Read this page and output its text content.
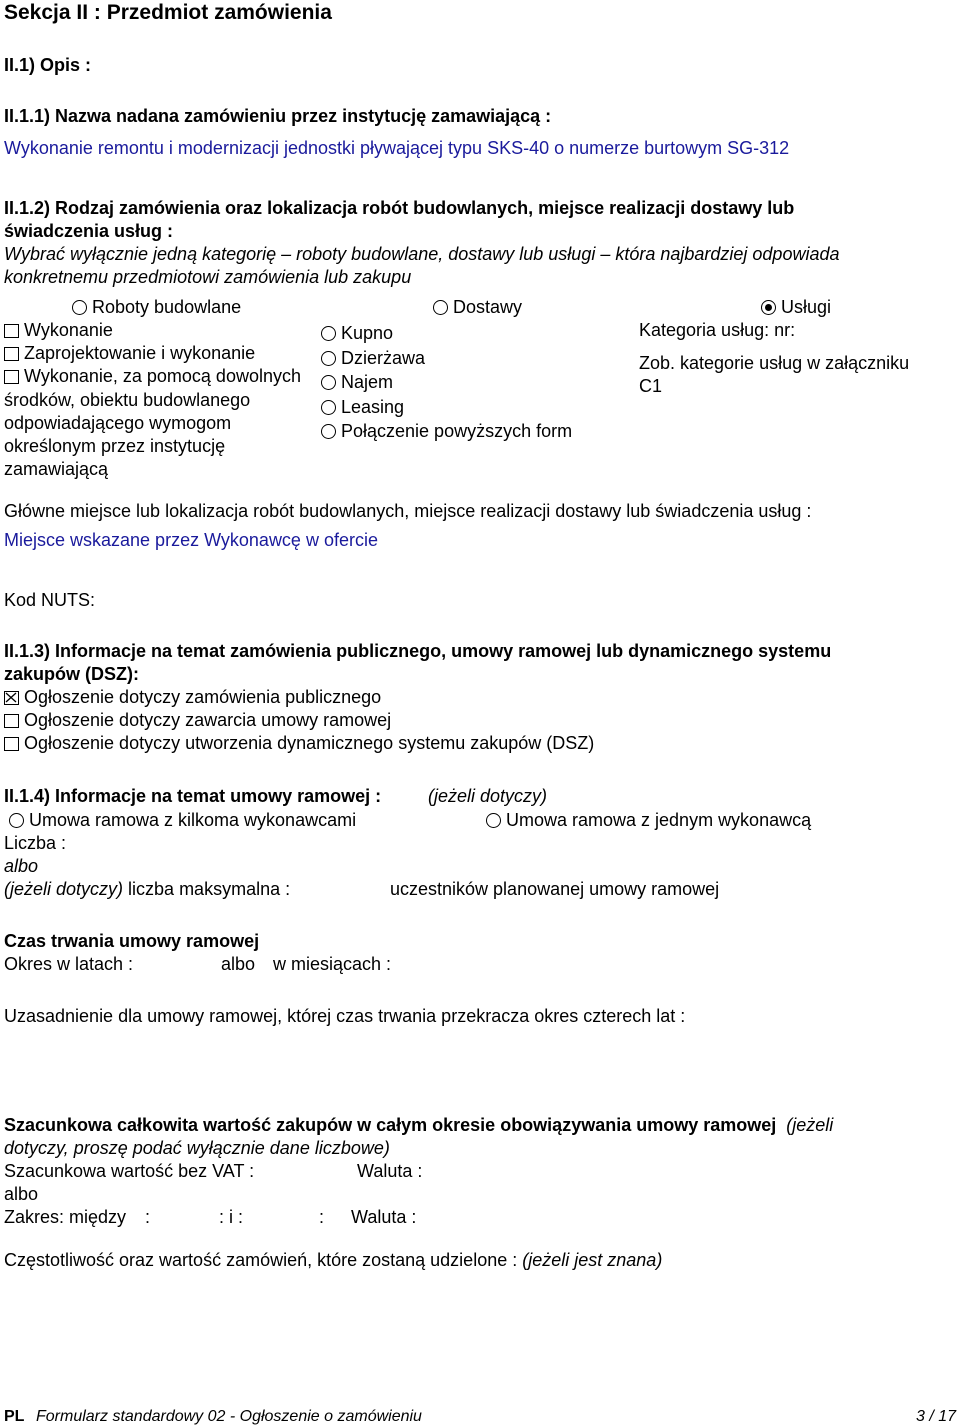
Sekcja II : Przedmiot zamówienia
II.1) Opis :
II.1.1) Nazwa nadana zamówieniu przez instytucję zamawiającą :
Wykonanie remontu i modernizacji jednostki pływającej typu SKS-40 o numerze burtowym SG-312
II.1.2) Rodzaj zamówienia oraz lokalizacja robót budowlanych, miejsce realizacji dostawy lub
świadczenia usług :
Wybrać wyłącznie jedną kategorię – roboty budowlane, dostawy lub usługi – która najbardziej odpowiada
konkretnemu przedmiotowi zamówienia lub zakupu
Roboty budowlane	Dostawy	Usługi
Wykonanie
Zaprojektowanie i wykonanie
Wykonanie, za pomocą dowolnych
środków, obiektu budowlanego
odpowiadającego wymogom
określonym przez instytucję
zamawiającą
Kupno
Dzierżawa
Najem
Leasing
Połączenie powyższych form
Kategoria usług: nr:
Zob. kategorie usług w załączniku
C1
Główne miejsce lub lokalizacja robót budowlanych, miejsce realizacji dostawy lub świadczenia usług :
Miejsce wskazane przez Wykonawcę w ofercie
Kod NUTS:
II.1.3) Informacje na temat zamówienia publicznego, umowy ramowej lub dynamicznego systemu
zakupów (DSZ):
Ogłoszenie dotyczy zamówienia publicznego
Ogłoszenie dotyczy zawarcia umowy ramowej
Ogłoszenie dotyczy utworzenia dynamicznego systemu zakupów (DSZ)
II.1.4) Informacje na temat umowy ramowej :	(jeżeli dotyczy)
Umowa ramowa z kilkoma wykonawcami	Umowa ramowa z jednym wykonawcą
Liczba :
albo
(jeżeli dotyczy) liczba maksymalna :	uczestników planowanej umowy ramowej
Czas trwania umowy ramowej
Okres w latach :	albo w miesiącach :
Uzasadnienie dla umowy ramowej, której czas trwania przekracza okres czterech lat :
Szacunkowa całkowita wartość zakupów w całym okresie obowiązywania umowy ramowej (jeżeli
dotyczy, proszę podać wyłącznie dane liczbowe)
Szacunkowa wartość bez VAT :	Waluta :
albo
Zakres: między :	: i :	: Waluta :
Częstotliwość oraz wartość zamówień, które zostaną udzielone : (jeżeli jest znana)
PL Formularz standardowy 02 - Ogłoszenie o zamówieniu	3 / 17
